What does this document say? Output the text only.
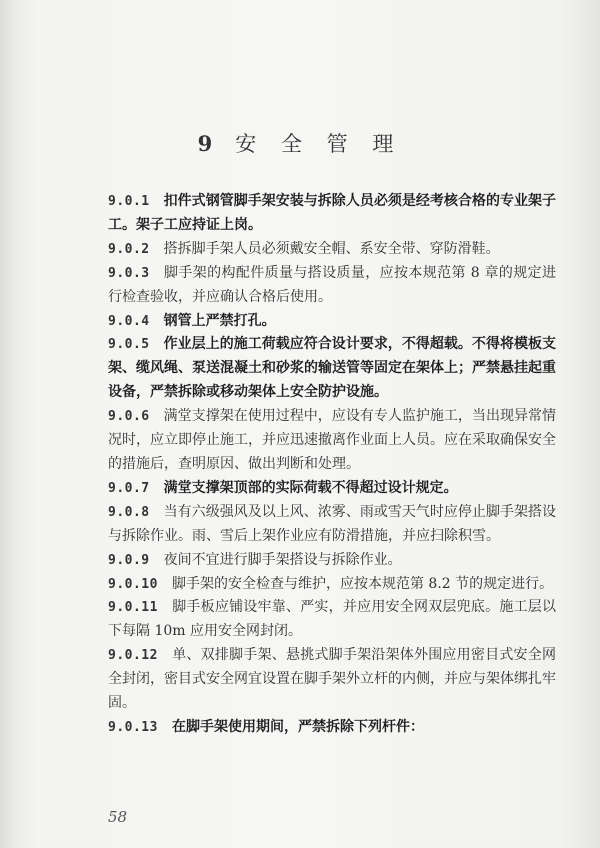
9 安 全 管 理

9.0.1 扣件式钢管脚手架安装与拆除人员必须是经考核合格的专业架子工。架子工应持证上岗。

9.0.2 搭拆脚手架人员必须戴安全帽、系安全带、穿防滑鞋。

9.0.3 脚手架的构配件质量与搭设质量，应按本规范第 8 章的规定进行检查验收，并应确认合格后使用。

9.0.4 钢管上严禁打孔。

9.0.5 作业层上的施工荷载应符合设计要求，不得超载。不得将模板支架、缆风绳、泵送混凝土和砂浆的输送管等固定在架体上；严禁悬挂起重设备，严禁拆除或移动架体上安全防护设施。

9.0.6 满堂支撑架在使用过程中，应设有专人监护施工，当出现异常情况时，应立即停止施工，并应迅速撤离作业面上人员。应在采取确保安全的措施后，查明原因、做出判断和处理。

9.0.7 满堂支撑架顶部的实际荷载不得超过设计规定。

9.0.8 当有六级强风及以上风、浓雾、雨或雪天气时应停止脚手架搭设与拆除作业。雨、雪后上架作业应有防滑措施，并应扫除积雪。

9.0.9 夜间不宜进行脚手架搭设与拆除作业。

9.0.10 脚手架的安全检查与维护，应按本规范第 8.2 节的规定进行。

9.0.11 脚手板应铺设牢靠、严实，并应用安全网双层兜底。施工层以下每隔 10m 应用安全网封闭。

9.0.12 单、双排脚手架、悬挑式脚手架沿架体外围应用密目式安全网全封闭，密目式安全网宜设置在脚手架外立杆的内侧，并应与架体绑扎牢固。

9.0.13 在脚手架使用期间，严禁拆除下列杆件：

58
